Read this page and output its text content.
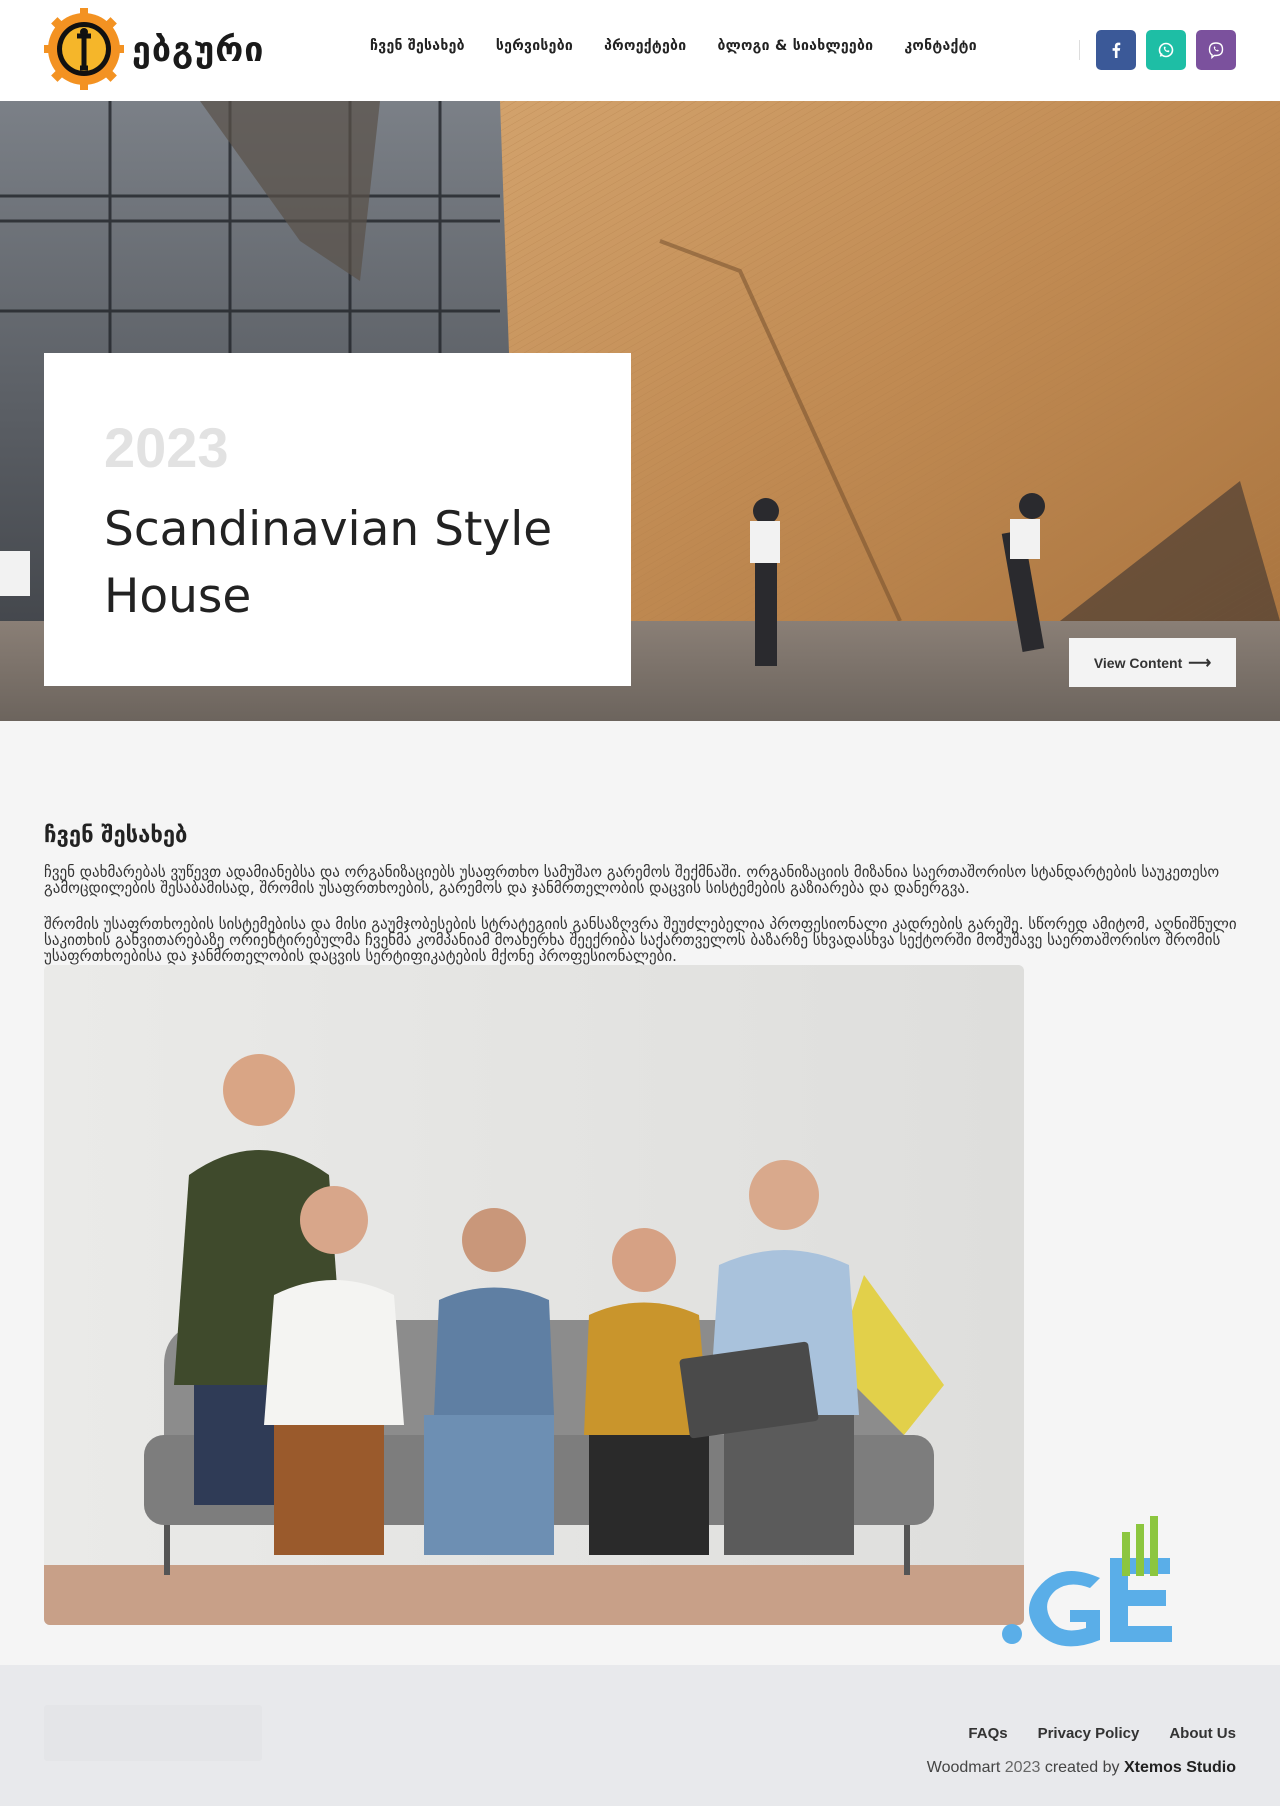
ებგური	ჩვენ შესახებ სერვისები პროექტები ბლოგი & სიახლეები კონტაქტი
2023
Scandinavian Style House
View Content ⟶
ჩვენ შესახებ

ჩვენ დახმარებას ვუწევთ ადამიანებსა და ორგანიზაციებს უსაფრთხო სამუშაო გარემოს შექმნაში. ორგანიზაციის მიზანია საერთაშორისო სტანდარტების საუკეთესო გამოცდილების შესაბამისად, შრომის უსაფრთხოების, გარემოს და ჯანმრთელობის დაცვის სისტემების გაზიარება და დანერგვა.

შრომის უსაფრთხოების სისტემებისა და მისი გაუმჯობესების სტრატეგიის განსაზღვრა შეუძლებელია პროფესიონალი კადრების გარეშე. სწორედ ამიტომ, აღნიშნული საკითხის განვითარებაზე ორიენტირებულმა ჩვენმა კომპანიამ მოახერხა შეექრიბა საქართველოს ბაზარზე სხვადასხვა სექტორში მომუშავე საერთაშორისო შრომის უსაფრთხოებისა და ჯანმრთელობის დაცვის სერტიფიკატების მქონე პროფესიონალები.

FAQs Privacy Policy About Us
Woodmart 2023 created by Xtemos Studio
